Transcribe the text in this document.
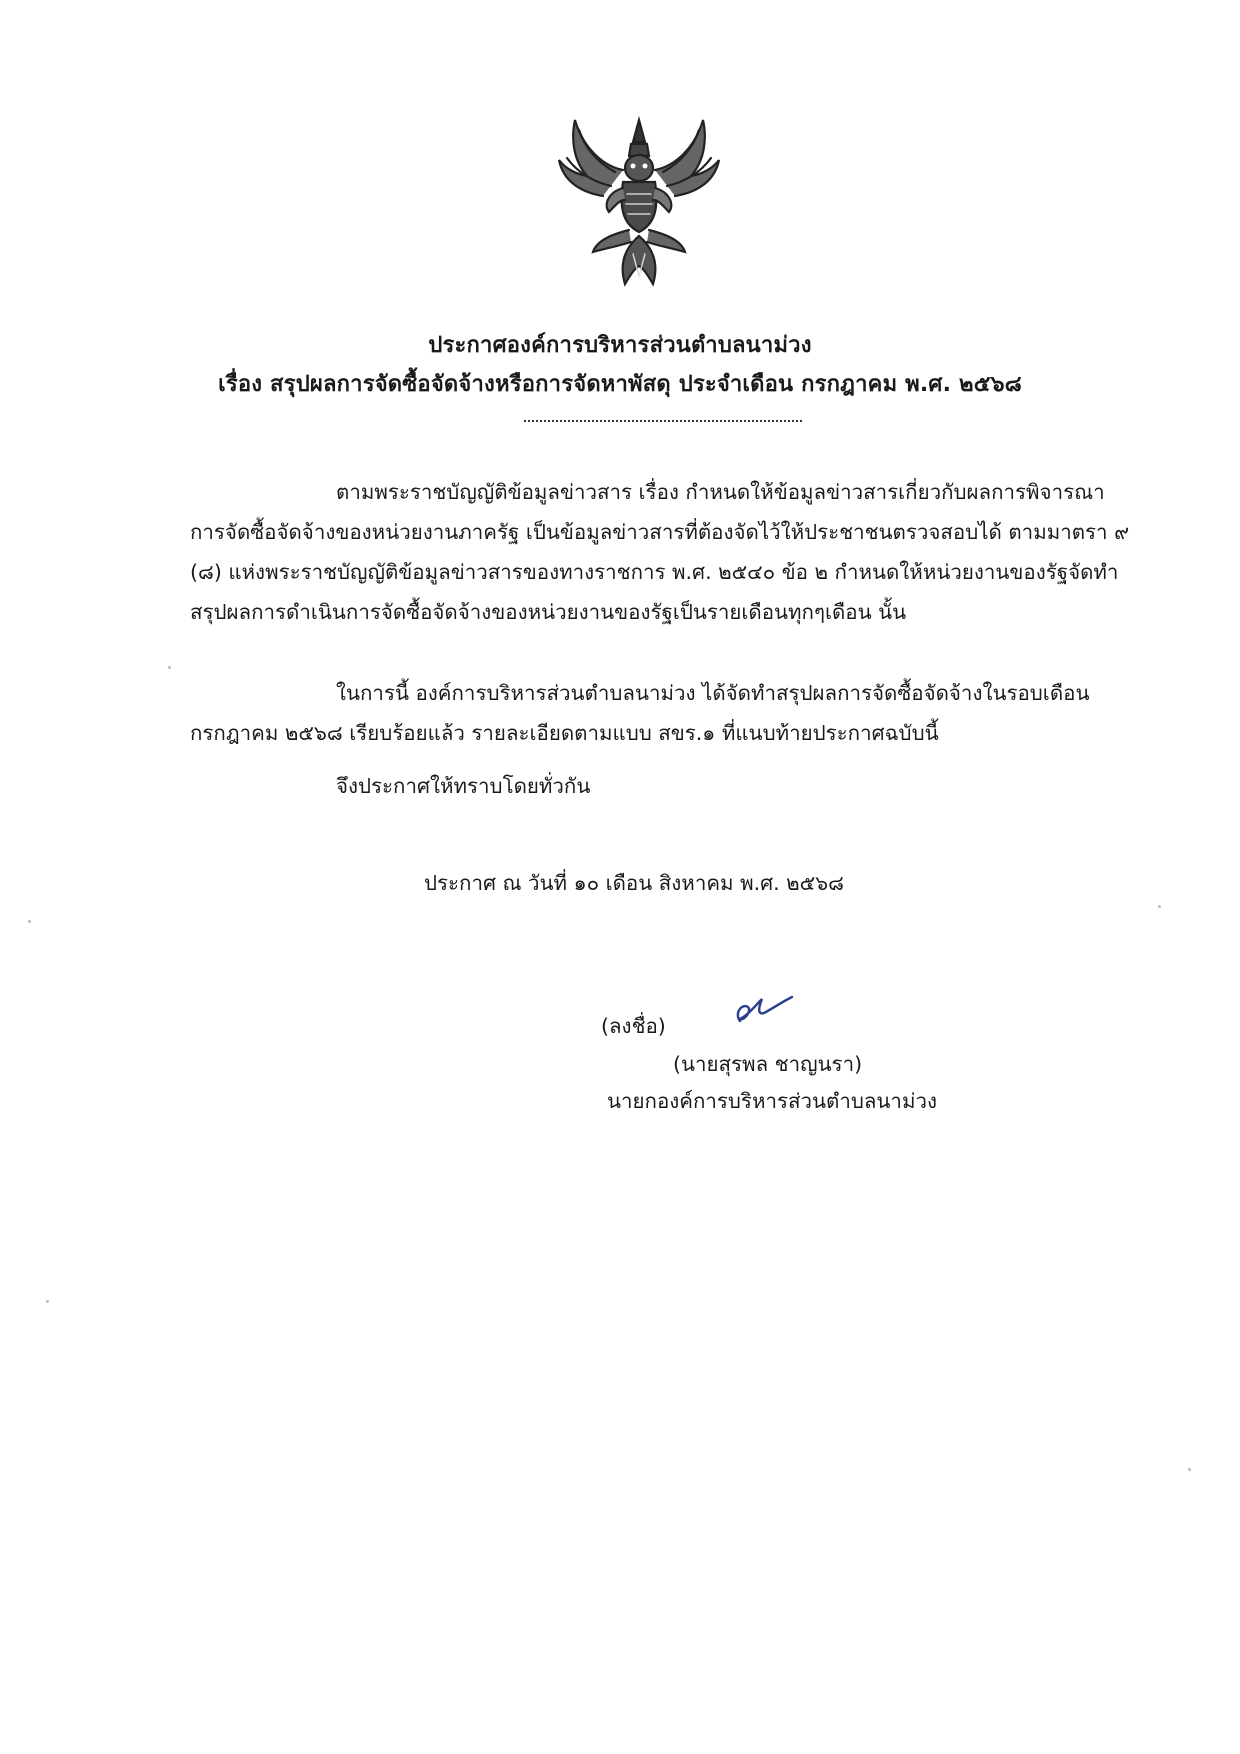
ประกาศองค์การบริหารส่วนตำบลนาม่วง
เรื่อง สรุปผลการจัดซื้อจัดจ้างหรือการจัดหาพัสดุ ประจำเดือน กรกฎาคม พ.ศ. ๒๕๖๘
ตามพระราชบัญญัติข้อมูลข่าวสาร เรื่อง กำหนดให้ข้อมูลข่าวสารเกี่ยวกับผลการพิจารณา
การจัดซื้อจัดจ้างของหน่วยงานภาครัฐ เป็นข้อมูลข่าวสารที่ต้องจัดไว้ให้ประชาชนตรวจสอบได้ ตามมาตรา ๙
(๘) แห่งพระราชบัญญัติข้อมูลข่าวสารของทางราชการ พ.ศ. ๒๕๔๐ ข้อ ๒ กำหนดให้หน่วยงานของรัฐจัดทำ
สรุปผลการดำเนินการจัดซื้อจัดจ้างของหน่วยงานของรัฐเป็นรายเดือนทุกๆเดือน นั้น
ในการนี้ องค์การบริหารส่วนตำบลนาม่วง ได้จัดทำสรุปผลการจัดซื้อจัดจ้างในรอบเดือน
กรกฎาคม ๒๕๖๘ เรียบร้อยแล้ว รายละเอียดตามแบบ สขร.๑ ที่แนบท้ายประกาศฉบับนี้
จึงประกาศให้ทราบโดยทั่วกัน
ประกาศ ณ วันที่ ๑๐ เดือน สิงหาคม พ.ศ. ๒๕๖๘
(ลงชื่อ)
(นายสุรพล ชาญนรา)
นายกองค์การบริหารส่วนตำบลนาม่วง
